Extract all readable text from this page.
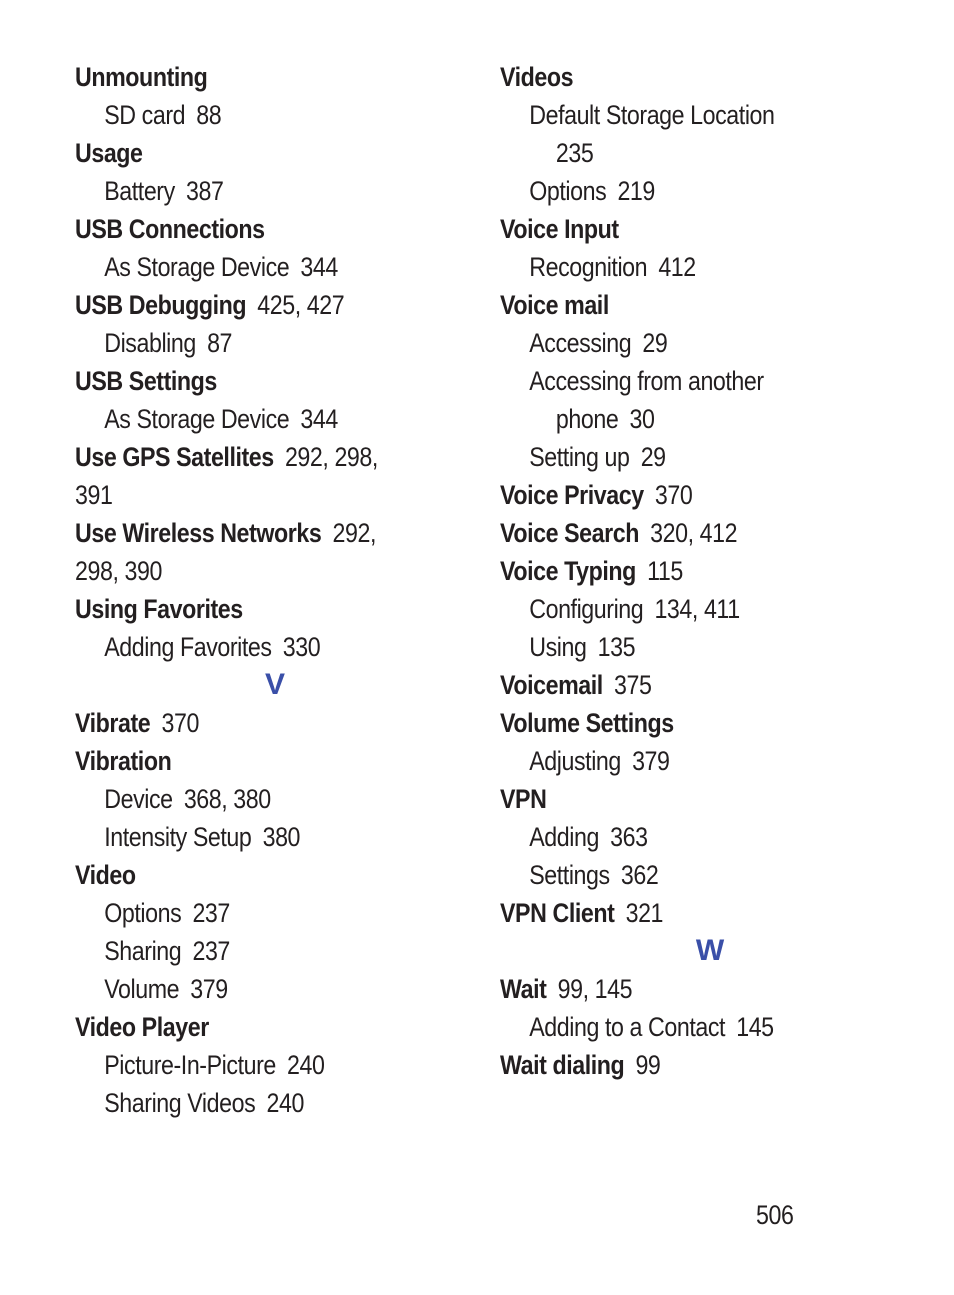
Unmounting
SD card  88
Usage
Battery  387
USB Connections
As Storage Device  344
USB Debugging  425, 427
Disabling  87
USB Settings
As Storage Device  344
Use GPS Satellites  292, 298,
391
Use Wireless Networks  292,
298, 390
Using Favorites
Adding Favorites  330
V
Vibrate  370
Vibration
Device  368, 380
Intensity Setup  380
Video
Options  237
Sharing  237
Volume  379
Video Player
Picture-In-Picture  240
Sharing Videos  240
Videos
Default Storage Location
235
Options  219
Voice Input
Recognition  412
Voice mail
Accessing  29
Accessing from another
phone  30
Setting up  29
Voice Privacy  370
Voice Search  320, 412
Voice Typing  115
Configuring  134, 411
Using  135
Voicemail  375
Volume Settings
Adjusting  379
VPN
Adding  363
Settings  362
VPN Client  321
W
Wait  99, 145
Adding to a Contact  145
Wait dialing  99
506
